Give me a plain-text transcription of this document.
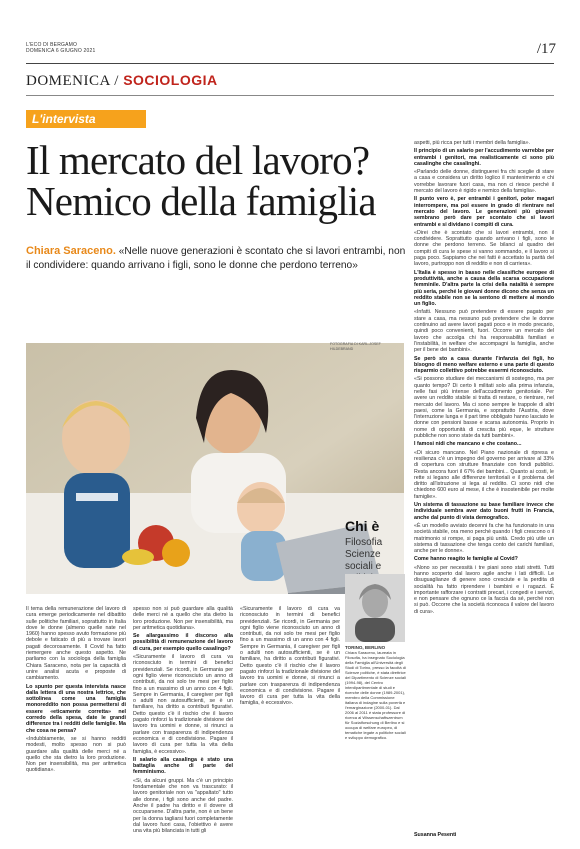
L'ECO DI BERGAMO
DOMENICA 6 GIUGNO 2021	/17
DOMENICA / SOCIOLOGIA
L'intervista
Il mercato del lavoro?
Nemico della famiglia
Chiara Saraceno. «Nelle nuove generazioni è scontato che si lavori entrambi, non il condividere: quando arrivano i figli, sono le donne che perdono terreno»
FOTOGRAFIA DI KARL-JOSEF HILDEBRAND

Il tema della remunerazione del lavoro di cura emerge periodicamente nel dibattito sulle politiche familiari, soprattutto in Italia dove le donne (almeno quelle nate nel 1960) hanno spesso avuto formazione più debole e faticato di più a trovare lavori pagati decorosamente. Il Covid ha fatto riemergere anche questo aspetto. Ne parliamo con la sociologa della famiglia Chiara Saraceno, nota per la capacità di unire analisi acuta e proposte di cambiamento.

Lo spunto per questa intervista nasce dalla lettera di una nostra lettrice, che sottolinea come una famiglia monoreddito non possa permettersi di essere «eticamente corretta» nel corredo della spesa, date le grandi differenze tra i redditi delle famiglie. Ma che cosa ne pensa?

«Indubbiamente, se si hanno redditi modesti, molto spesso non si può guardare alla qualità delle merci né a quello che sta dietro la loro produzione. Non per insensibilità, ma per aritmetica quotidiana».

spesso non si può guardare alla qualità delle merci né a quello che sta dietro la loro produzione. Non per insensibilità, ma per aritmetica quotidiana».

Se allargassimo il discorso alla possibilità di remunerazione del lavoro di cura, per esempio quello casalingo?

«Sicuramente il lavoro di cura va riconosciuto in termini di benefici previdenziali. Se ricordi, in Germania per ogni figlio viene riconosciuto un anno di contributi, da noi solo tre mesi per figlio fino a un massimo di un anno con 4 figli. Sempre in Germania, il caregiver per figli o adulti non autosufficienti, se è un familiare, ha diritto a contributi figurativi. Detto questo c'è il rischio che il lavoro pagato rinforzi la tradizionale divisione del lavoro tra uomini e donne, si rinunci a parlare con trasparenza di indipendenza economica e di condivisione. Pagare il lavoro di cura per tutta la vita della famiglia, è eccessivo».

Il salario alla casalinga è stato una battaglia anche di parte del femminismo.

«Si, da alcuni gruppi. Ma c'è un principio fondamentale che non va trascurato: il lavoro genitoriale non va "appaltato" tutto alle donne, i figli sono anche del padre. Anche il padre ha diritto e il dovere di occuparsene. D'altra parte, non è un bene per la donna tagliarsi fuori completamente dal lavoro fuori casa, l'obiettivo è avere una vita più bilanciata in tutti gli

«Sicuramente il lavoro di cura va riconosciuto in termini di benefici previdenziali. Se ricordi, in Germania per ogni figlio viene riconosciuto un anno di contributi, da noi solo tre mesi per figlio fino a un massimo di un anno con 4 figli. Sempre in Germania, il caregiver per figli o adulti non autosufficienti, se è un familiare, ha diritto a contributi figurativi. Detto questo c'è il rischio che il lavoro pagato rinforzi la tradizionale divisione del lavoro tra uomini e donne, si rinunci a parlare con trasparenza di indipendenza economica e di condivisione. Pagare il lavoro di cura per tutta la vita della famiglia, è eccessivo».

Chi è
Filosofia Scienze sociali e
TORINO, BERLINO
Chiara Saraceno, laureata in Filosofia, ha insegnato Sociologia della Famiglia all'Università degli Studi di Torino, presso la facoltà di Scienze politiche, è stata direttrice del Dipartimento di Scienze sociali (1994-98), del Centro interdipartimentale di studi e ricerche delle donne (1989-2001), membro della Commissione italiana di indagine sulla povertà e l'emarginazione (2000-01). Dal 2006 al 2011 è stata professore di ricerca al Wissenschaftszentrum für Sozialforschung di Berlino e si occupa di welfare europeo, di tematiche legate a politiche sociali e sviluppo demografico.

aspetti, più ricca per tutti i membri della famiglia».

Il principio di un salario per l'accudimento varrebbe per entrambi i genitori, ma realisticamente ci sono più casalinghe che casalinghi.

«Parlando delle donne, distinguerei fra chi sceglie di stare a casa e considera un diritto loglico il mantenimento e chi vorrebbe lavorare fuori casa, ma non ci riesce perché il mercato del lavoro è rigido e nemico della famiglia».

Il punto vero è, per entrambi i genitori, poter magari interrompere, ma poi essere in grado di rientrare nel mercato del lavoro. Le generazioni più giovani sembrano però dare per scontato che si lavori entrambi e si dividano i compiti di cura.

«Direi che è scontato che si lavori entrambi, non il condividere. Soprattutto quando arrivano i figli, sono le donne che perdono terreno. Se bilanci al quadro dei compiti di cura le spese si vanno sommando, e il lavoro si paga poco. Sappiamo che nei fatti è accettato la parità del lavoro, purtroppo non di reddito e non di carriera».

L'Italia è spesso in basso nelle classifiche europee di produttività, anche a causa della scarsa occupazione femminile. D'altra parte la crisi della natalità è sempre più seria, perché le giovani donne dicono che senza un reddito stabile non se la sentono di mettere al mondo un figlio.

«Infatti. Nessuno può pretendere di essere pagato per stare a casa, ma nessuno può pretendere che le donne continuino ad avere lavori pagati poco e in modo precario, quindi poco convenienti, fuori. Occorre un mercato del lavoro che accolga chi ha responsabilità familiari e l'instabilità, in welfare che accompagni la famiglia, anche per il bene dei bambini».

Se però sto a casa durante l'infanzia dei figli, ho bisogno di meno welfare esterno e una parte di questo risparmio collettivo potrebbe essermi riconosciuto.

«Si possono studiare dei meccanismi di sostegno, ma per quanto tempo? Di certo li militati solo alla prima infanzia, nelle fasi più intense dell'accudimento genitoriale. Per avere un reddito stabile si tratta di restare, o rientrare, nel mercato del lavoro. Ma ci sono sempre le trappole di altri paesi, come la Germania, e soprattutto l'Austria, dove l'interruzione lunga e il part time obbligato hanno lasciato le donne con pensioni basse e scarsa autonomia. Proprio in nome di opportunità di crescita più eque, le strutture pubbliche non sono state da tutti bambini».

I famosi nidi che mancano e che costano...

«Di sicuro mancano. Nel Piano nazionale di ripresa e resilienza c'è un impegno del governo per arrivare al 33% di copertura con strutture finanziate con fondi pubblici. Resta ancora fuori il 67% dei bambini... Quanto ai costi, le rette si legano alle differenze territoriali e il problema del diritto all'istruzione si lega al reddito. Ci sono nidi che chiedono 600 euro al mese, il che è insostenibile per molte famiglie».

Un sistema di tassazione su base familiare invece che individuale sembra aver dato buoni frutti in Francia, anche dal punto di vista demografico.

«È un modello avviato decenni fa che ha funzionato in una società stabile, ora meno perché quando i figli crescono o il matrimonio si rompe, si paga più unità. Credo più utile un sistema di tassazione che tenga conto dei carichi familiari, anche per le donne».

Come hanno reagito le famiglie al Covid?

«Nono so per necessità i tre piani sono stati stretti. Tutti hanno scoperto dal lavoro agile anche i lati difficili. Le disuguaglianze di genere sono cresciute e la perdita di socialità ha fatto riprendere i bambini e i ragazzi. È importante rafforzare i contratti precari, i congedi e i servizi, e non pensare che ognuno ce la faccia da sé, perché non si può. Occorre che la società riconosca il valore del lavoro di cura».

Susanna Pesenti
